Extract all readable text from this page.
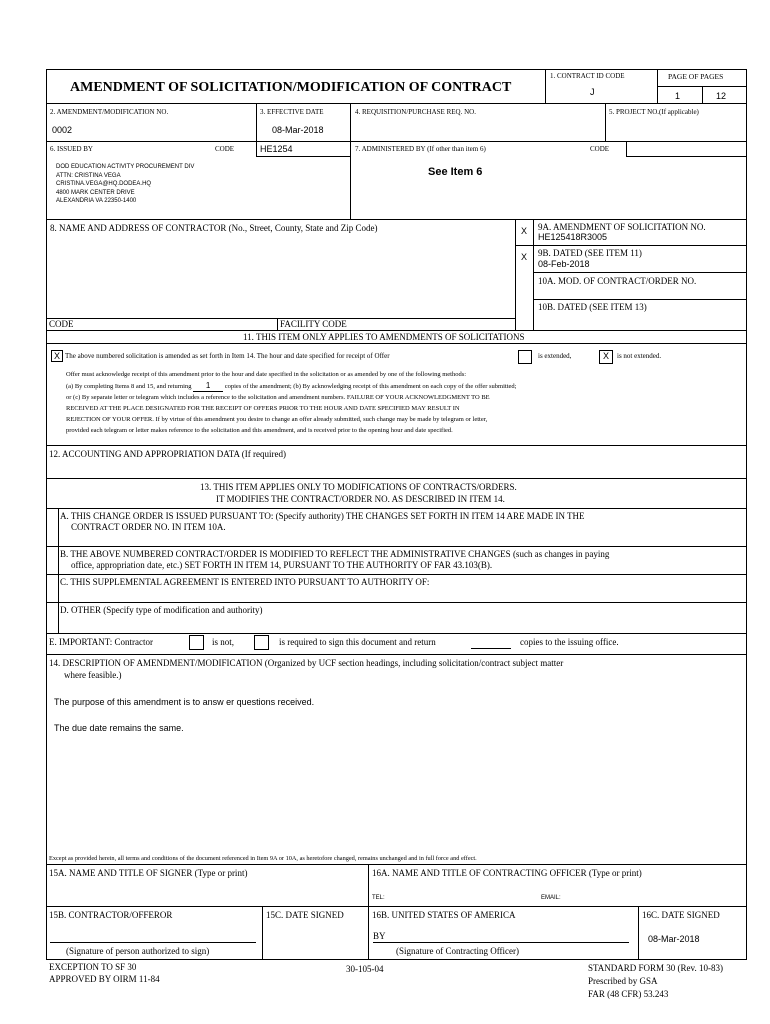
AMENDMENT OF SOLICITATION/MODIFICATION OF CONTRACT
1. CONTRACT ID CODE
J
PAGE OF PAGES
1	12
2. AMENDMENT/MODIFICATION NO.
0002
3. EFFECTIVE DATE
08-Mar-2018
4. REQUISITION/PURCHASE REQ. NO.	5. PROJECT NO.(If applicable)
6. ISSUED BY	CODE	HE1254	7. ADMINISTERED BY (If other than item 6)	CODE
DOD EDUCATION ACTIVITY PROCUREMENT DIV
ATTN: CRISTINA VEGA
CRISTINA.VEGA@HQ.DODEA.HQ
4800 MARK CENTER DRIVE
ALEXANDRIA VA 22350-1400
See Item 6
8. NAME AND ADDRESS OF CONTRACTOR (No., Street, County, State and Zip Code)	X 9A. AMENDMENT OF SOLICITATION NO.
HE125418R3005
X 9B. DATED (SEE ITEM 11)
08-Feb-2018
10A. MOD. OF CONTRACT/ORDER NO.
10B. DATED (SEE ITEM 13)
CODE	FACILITY CODE
11. THIS ITEM ONLY APPLIES TO AMENDMENTS OF SOLICITATIONS
X The above numbered solicitation is amended as set forth in Item 14. The hour and date specified for receipt of Offer	is extended,	X	is not extended.
Offer must acknowledge receipt of this amendment prior to the hour and date specified in the solicitation or as amended by one of the following methods:
(a) By completing Items 8 and 15, and returning 1 copies of the amendment; (b) By acknowledging receipt of this amendment on each copy of the offer submitted;
or (c) By separate letter or telegram which includes a reference to the solicitation and amendment numbers. FAILURE OF YOUR ACKNOWLEDGMENT TO BE
RECEIVED AT THE PLACE DESIGNATED FOR THE RECEIPT OF OFFERS PRIOR TO THE HOUR AND DATE SPECIFIED MAY RESULT IN
REJECTION OF YOUR OFFER. If by virtue of this amendment you desire to change an offer already submitted, such change may be made by telegram or letter,
provided each telegram or letter makes reference to the solicitation and this amendment, and is received prior to the opening hour and date specified.
12. ACCOUNTING AND APPROPRIATION DATA (If required)
13. THIS ITEM APPLIES ONLY TO MODIFICATIONS OF CONTRACTS/ORDERS.
IT MODIFIES THE CONTRACT/ORDER NO. AS DESCRIBED IN ITEM 14.
A. THIS CHANGE ORDER IS ISSUED PURSUANT TO: (Specify authority) THE CHANGES SET FORTH IN ITEM 14 ARE MADE IN THE
CONTRACT ORDER NO. IN ITEM 10A.
B. THE ABOVE NUMBERED CONTRACT/ORDER IS MODIFIED TO REFLECT THE ADMINISTRATIVE CHANGES (such as changes in paying
office, appropriation date, etc.) SET FORTH IN ITEM 14, PURSUANT TO THE AUTHORITY OF FAR 43.103(B).
C. THIS SUPPLEMENTAL AGREEMENT IS ENTERED INTO PURSUANT TO AUTHORITY OF:
D. OTHER (Specify type of modification and authority)
E. IMPORTANT: Contractor	is not,	is required to sign this document and return	copies to the issuing office.
14. DESCRIPTION OF AMENDMENT/MODIFICATION (Organized by UCF section headings, including solicitation/contract subject matter
where feasible.)
The purpose of this amendment is to answ er questions received.
The due date remains the same.
Except as provided herein, all terms and conditions of the document referenced in Item 9A or 10A, as heretofore changed, remains unchanged and in full force and effect.
15A. NAME AND TITLE OF SIGNER (Type or print)	16A. NAME AND TITLE OF CONTRACTING OFFICER (Type or print)
TEL:	EMAIL:
15B. CONTRACTOR/OFFEROR
(Signature of person authorized to sign)
15C. DATE SIGNED	16B. UNITED STATES OF AMERICA
BY
(Signature of Contracting Officer)
16C. DATE SIGNED
08-Mar-2018
EXCEPTION TO SF 30
APPROVED BY OIRM 11-84
30-105-04	STANDARD FORM 30 (Rev. 10-83)
Prescribed by GSA
FAR (48 CFR) 53.243
